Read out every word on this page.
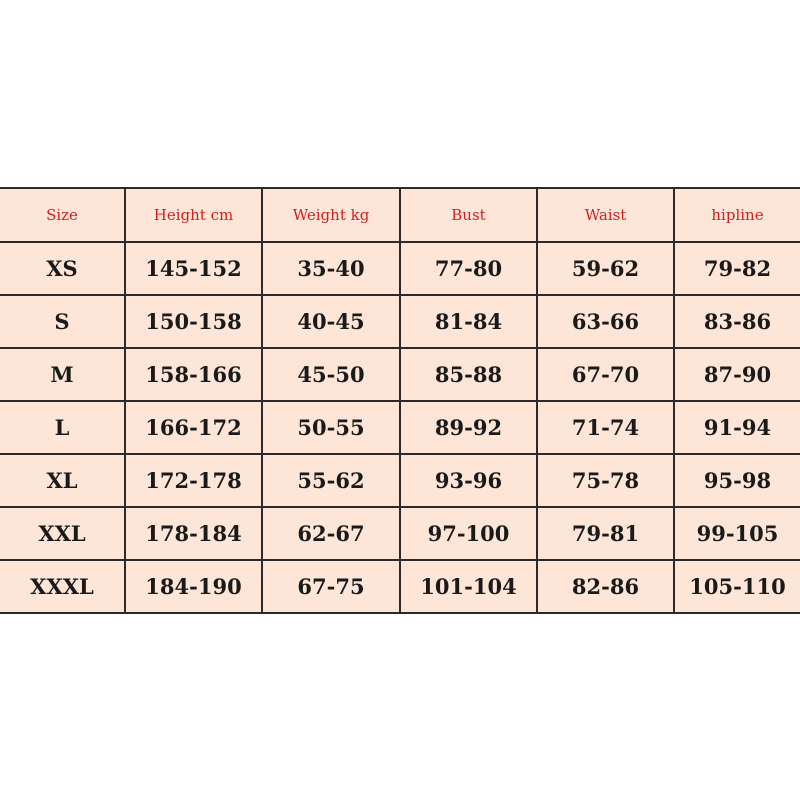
Size	Height cm	Weight kg	Bust	Waist	hipline
XS	145-152	35-40	77-80	59-62	79-82
S	150-158	40-45	81-84	63-66	83-86
M	158-166	45-50	85-88	67-70	87-90
L	166-172	50-55	89-92	71-74	91-94
XL	172-178	55-62	93-96	75-78	95-98
XXL	178-184	62-67	97-100	79-81	99-105
XXXL	184-190	67-75	101-104	82-86	105-110
